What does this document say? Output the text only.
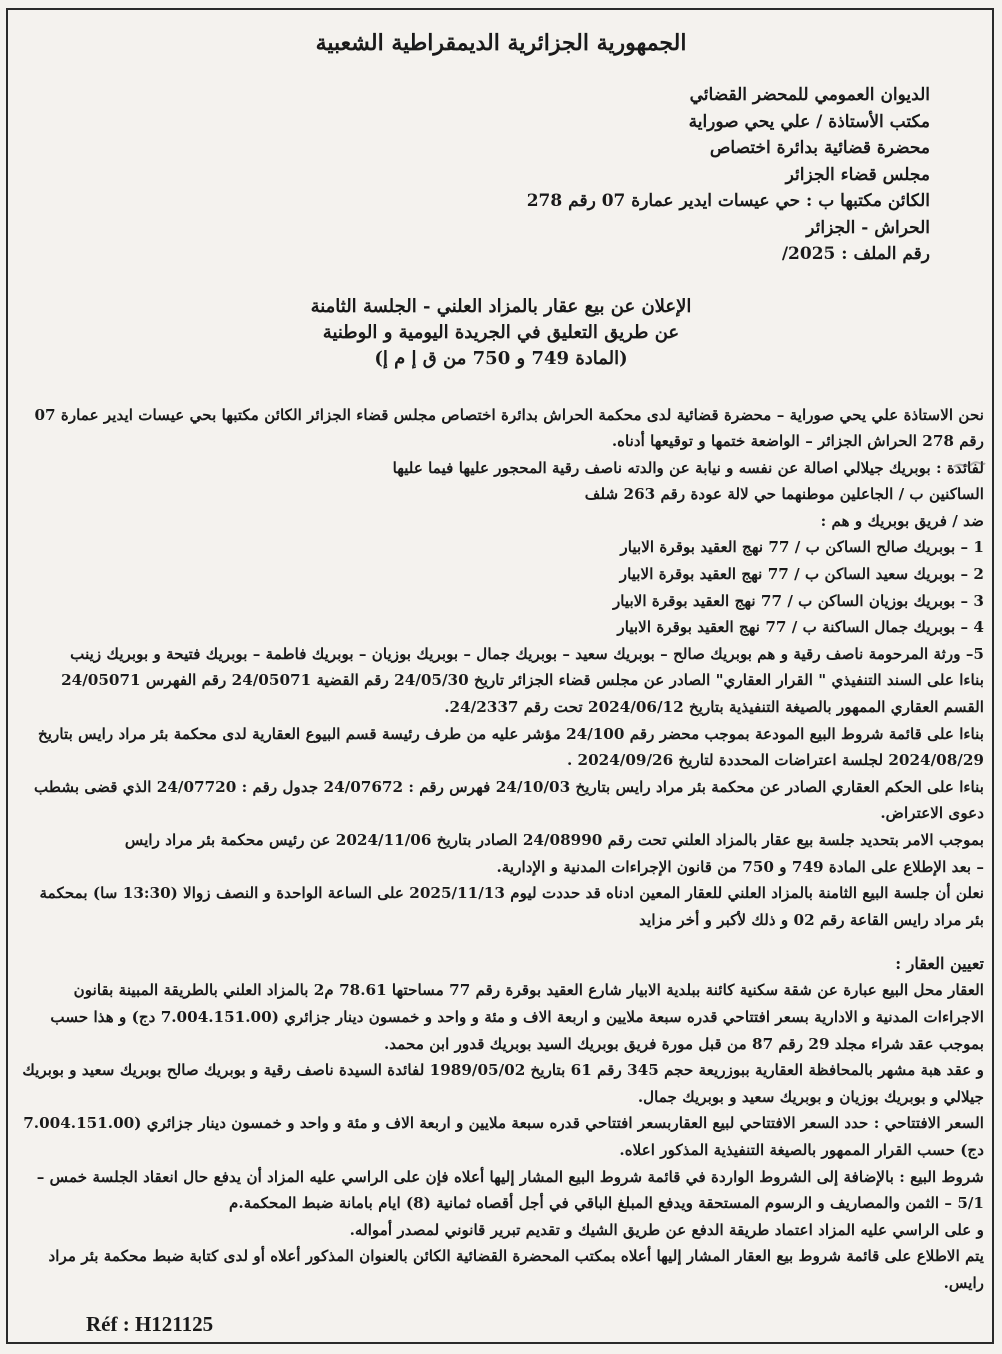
الجمهورية الجزائرية الديمقراطية الشعبية
الديوان العمومي للمحضر القضائي
مكتب الأستاذة / علي يحي صوراية
محضرة قضائية بدائرة اختصاص
مجلس قضاء الجزائر
الكائن مكتبها ب : حي عيسات ايدير عمارة 07 رقم 278
الحراش - الجزائر
رقم الملف : 2025/
الإعلان عن بيع عقار بالمزاد العلني - الجلسة الثامنة
عن طريق التعليق في الجريدة اليومية و الوطنية
(المادة 749 و 750 من ق إ م إ)

نحن الاستاذة علي يحي صوراية – محضرة قضائية لدى محكمة الحراش بدائرة اختصاص مجلس قضاء الجزائر الكائن مكتبها بحي عيسات ايدير عمارة 07 رقم 278 الحراش الجزائر – الواضعة ختمها و توقيعها أدناه.

لفائدة : بوبريك جيلالي اصالة عن نفسه و نيابة عن والدته ناصف رقية المحجور عليها فيما عليها

الساكنين ب / الجاعلين موطنهما حي لالة عودة رقم 263 شلف

ضد / فريق بوبريك و هم :

1 – بوبريك صالح الساكن ب / 77 نهج العقيد بوقرة الابيار

2 – بوبريك سعيد الساكن ب / 77 نهج العقيد بوقرة الابيار

3 – بوبريك بوزيان الساكن ب / 77 نهج العقيد بوقرة الابيار

4 – بوبريك جمال الساكنة ب / 77 نهج العقيد بوقرة الابيار

5– ورثة المرحومة ناصف رقية و هم بوبريك صالح – بوبريك سعيد – بوبريك جمال – بوبريك بوزيان – بوبريك فاطمة – بوبريك فتيحة و بوبريك زينب

بناءا على السند التنفيذي " القرار العقاري" الصادر عن مجلس قضاء الجزائر تاريخ 24/05/30 رقم القضية 24/05071 رقم الفهرس 24/05071 القسم العقاري الممهور بالصيغة التنفيذية بتاريخ 2024/06/12 تحت رقم 24/2337.

بناءا على قائمة شروط البيع المودعة بموجب محضر رقم 24/100 مؤشر عليه من طرف رئيسة قسم البيوع العقارية لدى محكمة بئر مراد رايس بتاريخ 2024/08/29 لجلسة اعتراضات المحددة لتاريخ 2024/09/26 .

بناءا على الحكم العقاري الصادر عن محكمة بئر مراد رايس بتاريخ 24/10/03 فهرس رقم : 24/07672 جدول رقم : 24/07720 الذي قضى بشطب دعوى الاعتراض.

بموجب الامر بتحديد جلسة بيع عقار بالمزاد العلني تحت رقم 24/08990 الصادر بتاريخ 2024/11/06 عن رئيس محكمة بئر مراد رايس

– بعد الإطلاع على المادة 749 و 750 من قانون الإجراءات المدنية و الإدارية.

نعلن أن جلسة البيع الثامنة بالمزاد العلني للعقار المعين ادناه قد حددت ليوم 2025/11/13 على الساعة الواحدة و النصف زوالا (13:30 سا) بمحكمة بئر مراد رايس القاعة رقم 02 و ذلك لأكبر و أخر مزايد

تعيين العقار :

العقار محل البيع عبارة عن شقة سكنية كائنة ببلدية الابيار شارع العقيد بوقرة رقم 77 مساحتها 78.61 م2 بالمزاد العلني بالطريقة المبينة بقانون الاجراءات المدنية و الادارية بسعر افتتاحي قدره سبعة ملايين و اربعة الاف و مئة و واحد و خمسون دينار جزائري (7.004.151.00 دج) و هذا حسب بموجب عقد شراء مجلد 29 رقم 87 من قبل مورة فريق بوبريك السيد بوبريك قدور ابن محمد.

و عقد هبة مشهر بالمحافظة العقارية ببوزريعة حجم 345 رقم 61 بتاريخ 1989/05/02 لفائدة السيدة ناصف رقية و بوبريك صالح بوبريك سعيد و بوبريك جيلالي و بوبريك بوزيان و بوبريك سعيد و بوبريك جمال.

السعر الافتتاحي : حدد السعر الافتتاحي لبيع العقاربسعر افتتاحي قدره سبعة ملايين و اربعة الاف و مئة و واحد و خمسون دينار جزائري (7.004.151.00 دج) حسب القرار الممهور بالصيغة التنفيذية المذكور اعلاه.

شروط البيع : بالإضافة إلى الشروط الواردة في قائمة شروط البيع المشار إليها أعلاه فإن على الراسي عليه المزاد أن يدفع حال انعقاد الجلسة خمس – 5/1 – الثمن والمصاريف و الرسوم المستحقة ويدفع المبلغ الباقي في أجل أقصاه ثمانية (8) ايام بامانة ضبط المحكمة.م

و على الراسي عليه المزاد اعتماد طريقة الدفع عن طريق الشيك و تقديم تبرير قانوني لمصدر أمواله.

يتم الاطلاع على قائمة شروط بيع العقار المشار إليها أعلاه بمكتب المحضرة القضائية الكائن بالعنوان المذكور أعلاه أو لدى كتابة ضبط محكمة بئر مراد رايس.

Réf : H121125
